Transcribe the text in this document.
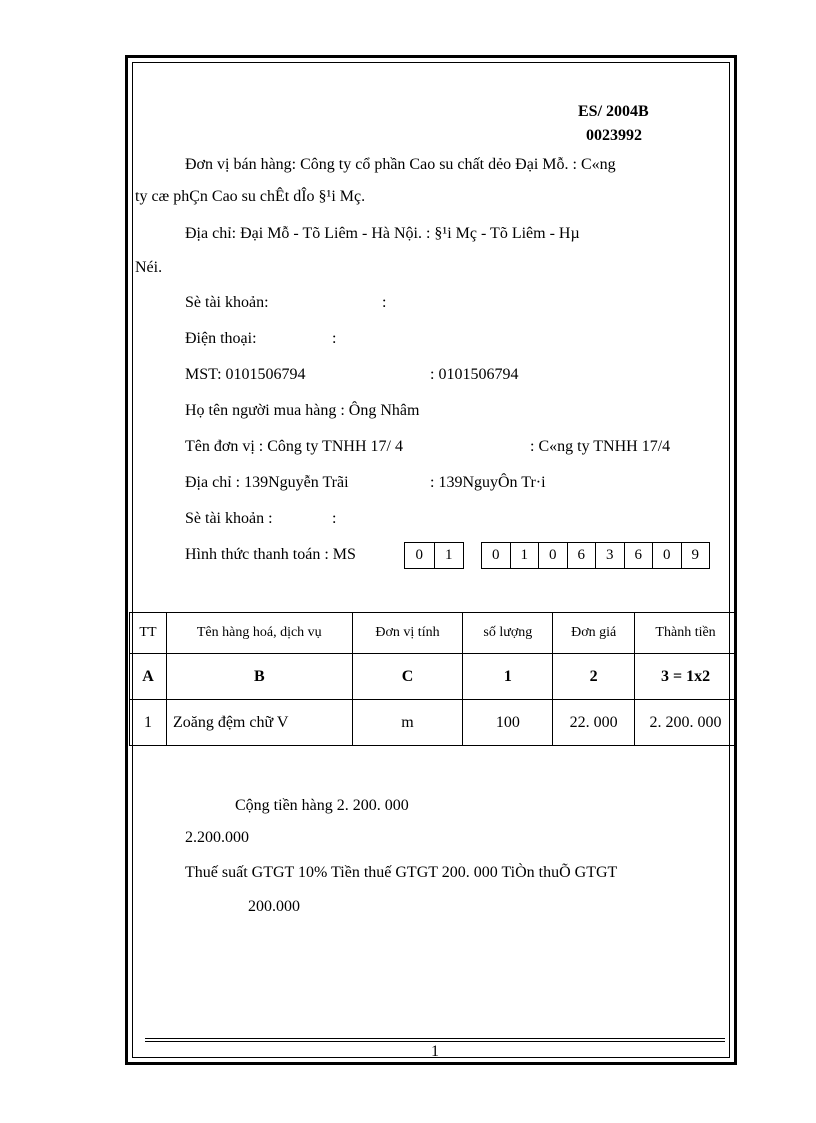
ES/ 2004B
0023992
Đơn vị bán hàng: Công ty cổ phần Cao su chất dẻo Đại Mỗ. : C«ng
ty cæ phÇn Cao su chÊt dÎo §¹i Mç.
Địa chỉ: Đại Mỗ - Tõ Liêm - Hà Nội. : §¹i Mç - Tõ Liêm - Hµ
Néi.
Sè tài khoản:	:
Điện thoại:	:
MST: 0101506794	: 0101506794
Họ tên người mua hàng : Ông Nhâm
Tên đơn vị : Công ty TNHH 17/ 4	: C«ng ty TNHH 17/4
Địa chỉ : 139Nguyễn Trãi	: 139NguyÔn Tr·i
Sè tài khoản :	:
Hình thức thanh toán : MS	0	1	0	1	0	6	3	6	0	9
TT	Tên hàng hoá, dịch vụ	Đơn vị tính	số lượng	Đơn giá	Thành tiền
A	B	C	1	2	3 = 1x2
1	Zoăng đệm chữ V	m	100	22. 000	2. 200. 000
Cộng tiền hàng 2. 200. 000
2.200.000
Thuế suất GTGT 10% Tiền thuế GTGT 200. 000 TiÒn thuÕ GTGT
200.000
1
